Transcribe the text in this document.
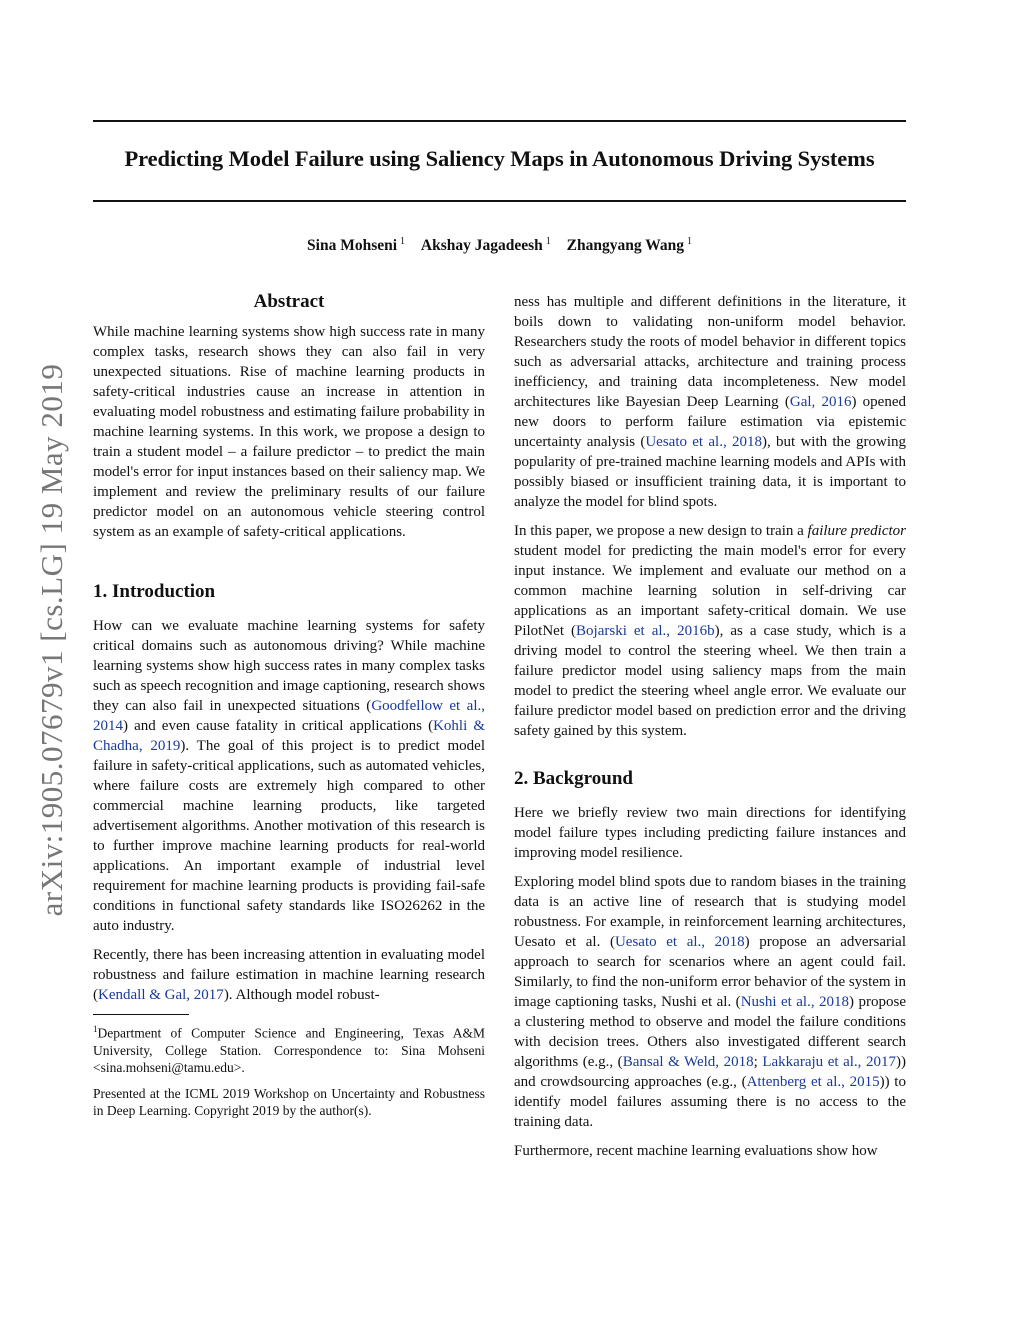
arXiv:1905.07679v1 [cs.LG] 19 May 2019
Predicting Model Failure using Saliency Maps in Autonomous Driving Systems
Sina Mohseni $^1$ Akshay Jagadeesh $^1$ Zhangyang Wang $^1$
Abstract

While machine learning systems show high success rate in many complex tasks, research shows they can also fail in very unexpected situations. Rise of machine learning products in safety-critical industries cause an increase in attention in evaluating model robustness and estimating failure probability in machine learning systems. In this work, we propose a design to train a student model – a failure predictor – to predict the main model's error for input instances based on their saliency map. We implement and review the preliminary results of our failure predictor model on an autonomous vehicle steering control system as an example of safety-critical applications.

1. Introduction

How can we evaluate machine learning systems for safety critical domains such as autonomous driving? While machine learning systems show high success rates in many complex tasks such as speech recognition and image captioning, research shows they can also fail in unexpected situations (Goodfellow et al., 2014) and even cause fatality in critical applications (Kohli & Chadha, 2019). The goal of this project is to predict model failure in safety-critical applications, such as automated vehicles, where failure costs are extremely high compared to other commercial machine learning products, like targeted advertisement algorithms. Another motivation of this research is to further improve machine learning products for real-world applications. An important example of industrial level requirement for machine learning products is providing fail-safe conditions in functional safety standards like ISO26262 in the auto industry.

Recently, there has been increasing attention in evaluating model robustness and failure estimation in machine learning research (Kendall & Gal, 2017). Although model robust-

$^1$Department of Computer Science and Engineering, Texas A&M University, College Station. Correspondence to: Sina Mohseni <sina.mohseni@tamu.edu>.

Presented at the ICML 2019 Workshop on Uncertainty and Robustness in Deep Learning. Copyright 2019 by the author(s).

ness has multiple and different definitions in the literature, it boils down to validating non-uniform model behavior. Researchers study the roots of model behavior in different topics such as adversarial attacks, architecture and training process inefficiency, and training data incompleteness. New model architectures like Bayesian Deep Learning (Gal, 2016) opened new doors to perform failure estimation via epistemic uncertainty analysis (Uesato et al., 2018), but with the growing popularity of pre-trained machine learning models and APIs with possibly biased or insufficient training data, it is important to analyze the model for blind spots.

In this paper, we propose a new design to train a failure predictor student model for predicting the main model's error for every input instance. We implement and evaluate our method on a common machine learning solution in self-driving car applications as an important safety-critical domain. We use PilotNet (Bojarski et al., 2016b), as a case study, which is a driving model to control the steering wheel. We then train a failure predictor model using saliency maps from the main model to predict the steering wheel angle error. We evaluate our failure predictor model based on prediction error and the driving safety gained by this system.

2. Background

Here we briefly review two main directions for identifying model failure types including predicting failure instances and improving model resilience.

Exploring model blind spots due to random biases in the training data is an active line of research that is studying model robustness. For example, in reinforcement learning architectures, Uesato et al. (Uesato et al., 2018) propose an adversarial approach to search for scenarios where an agent could fail. Similarly, to find the non-uniform error behavior of the system in image captioning tasks, Nushi et al. (Nushi et al., 2018) propose a clustering method to observe and model the failure conditions with decision trees. Others also investigated different search algorithms (e.g., (Bansal & Weld, 2018; Lakkaraju et al., 2017)) and crowdsourcing approaches (e.g., (Attenberg et al., 2015)) to identify model failures assuming there is no access to the training data.

Furthermore, recent machine learning evaluations show how
